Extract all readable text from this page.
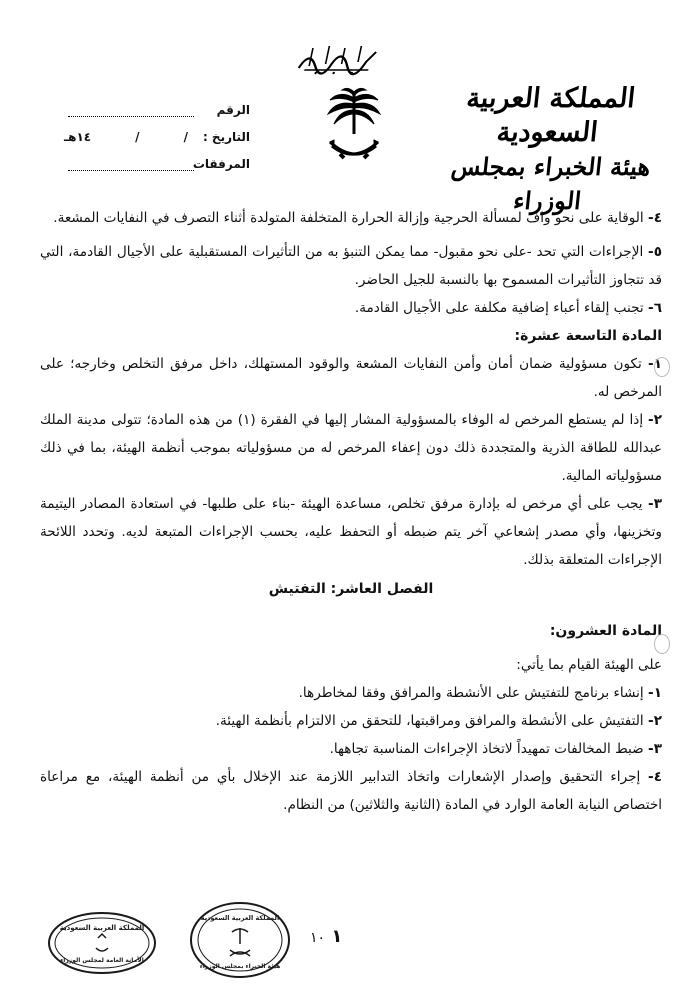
المملكة العربية السعودية
هيئة الخبراء بمجلس الوزراء
الرقم
التاريخ :
/
/
١٤هـ
المرفقات

٤- الوقاية على نحو واف لمسألة الحرجية وإزالة الحرارة المتخلفة المتولدة أثناء التصرف في النفايات المشعة.

٥- الإجراءات التي تحد -على نحو مقبول- مما يمكن التنبؤ به من التأثيرات المستقبلية على الأجيال القادمة، التي قد تتجاوز التأثيرات المسموح بها بالنسبة للجيل الحاضر.

٦- تجنب إلقاء أعباء إضافية مكلفة على الأجيال القادمة.

المادة التاسعة عشرة:

١- تكون مسؤولية ضمان أمان وأمن النفايات المشعة والوقود المستهلك، داخل مرفق التخلص وخارجه؛ على المرخص له.

٢- إذا لم يستطع المرخص له الوفاء بالمسؤولية المشار إليها في الفقرة (١) من هذه المادة؛ تتولى مدينة الملك عبدالله للطاقة الذرية والمتجددة ذلك دون إعفاء المرخص له من مسؤولياته بموجب أنظمة الهيئة، بما في ذلك مسؤولياته المالية.

٣- يجب على أي مرخص له بإدارة مرفق تخلص، مساعدة الهيئة -بناء على طلبها- في استعادة المصادر اليتيمة وتخزينها، وأي مصدر إشعاعي آخر يتم ضبطه أو التحفظ عليه، بحسب الإجراءات المتبعة لديه. وتحدد اللائحة الإجراءات المتعلقة بذلك.

الفصل العاشر: التفتيش

المادة العشرون:

على الهيئة القيام بما يأتي:

١- إنشاء برنامج للتفتيش على الأنشطة والمرافق وفقا لمخاطرها.

٢- التفتيش على الأنشطة والمرافق ومراقبتها، للتحقق من الالتزام بأنظمة الهيئة.

٣- ضبط المخالفات تمهيداً لاتخاذ الإجراءات المناسبة تجاهها.

٤- إجراء التحقيق وإصدار الإشعارات واتخاذ التدابير اللازمة عند الإخلال بأي من أنظمة الهيئة، مع مراعاة اختصاص النيابة العامة الوارد في المادة (الثانية والثلاثين) من النظام.

المملكة العربية السعودية
الأمانة العامة لمجلس الوزراء
المملكة العربية السعودية
هيئة الخبراء بمجلس الوزراء
١ ١٠
